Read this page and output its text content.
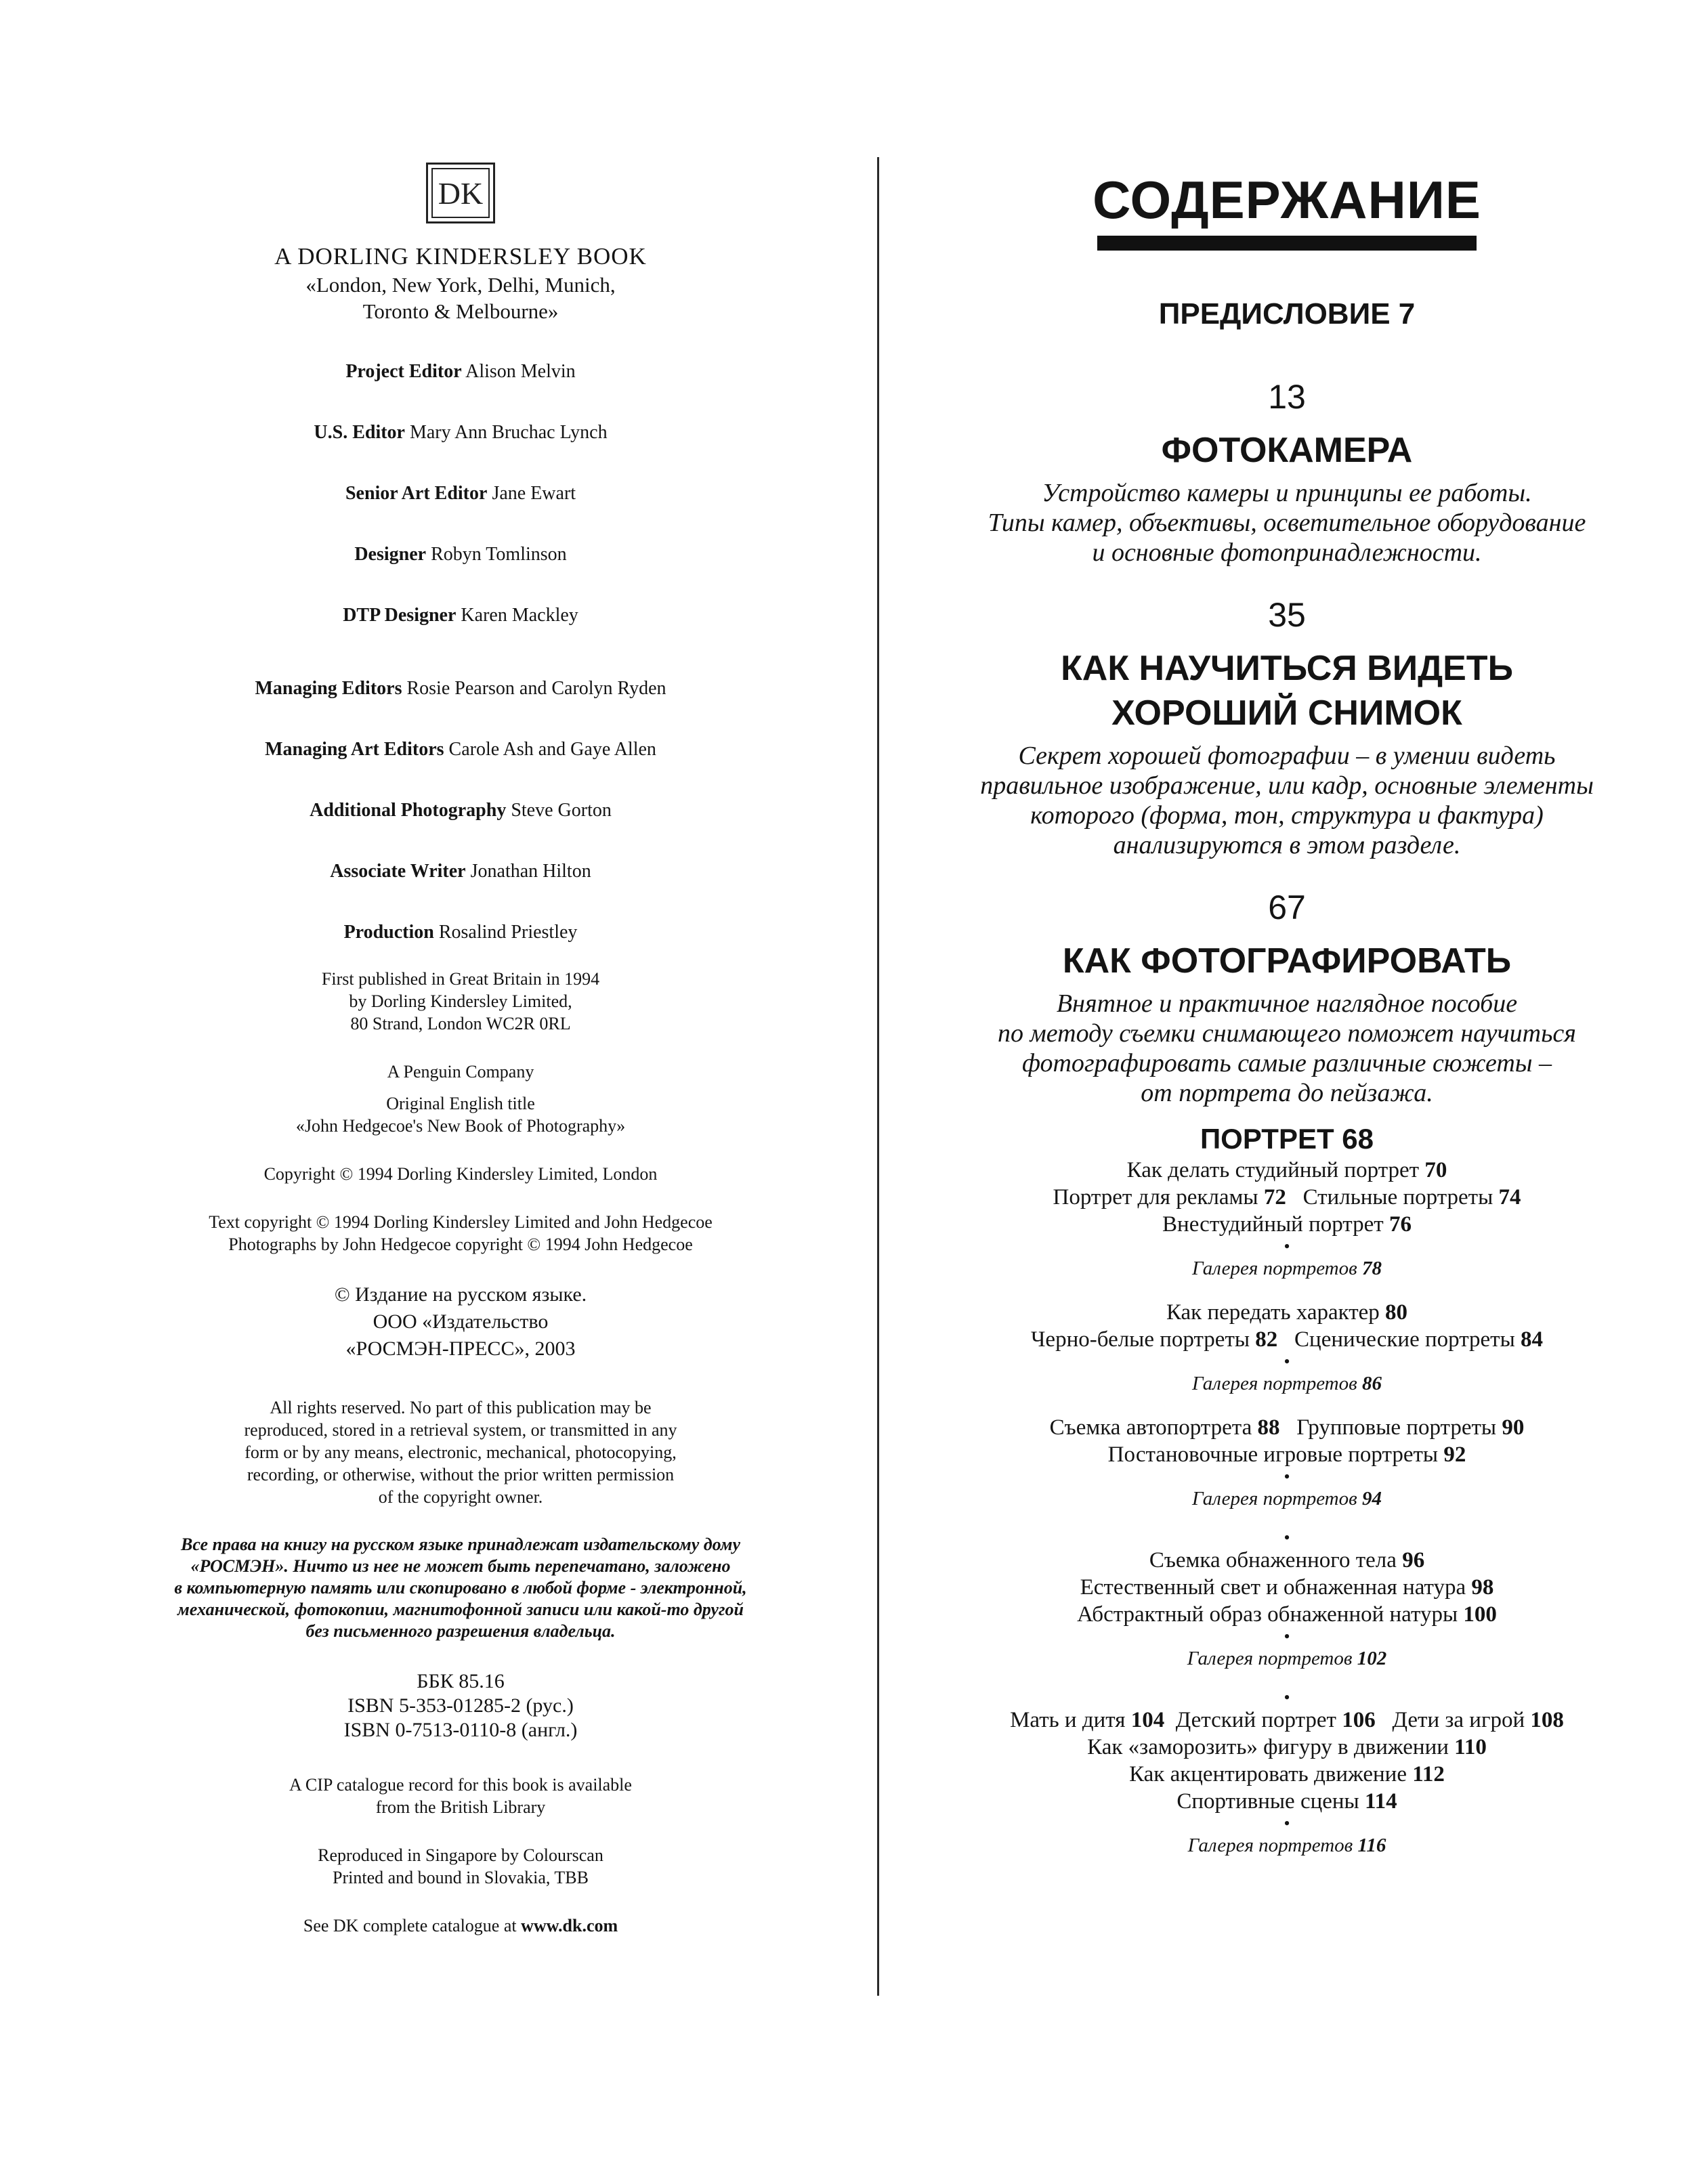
DK
A DORLING KINDERSLEY BOOK
«London, New York, Delhi, Munich,
Toronto & Melbourne»
Project Editor Alison Melvin
U.S. Editor Mary Ann Bruchac Lynch
Senior Art Editor Jane Ewart
Designer Robyn Tomlinson
DTP Designer Karen Mackley
Managing Editors Rosie Pearson and Carolyn Ryden
Managing Art Editors Carole Ash and Gaye Allen
Additional Photography Steve Gorton
Associate Writer Jonathan Hilton
Production Rosalind Priestley
First published in Great Britain in 1994
by Dorling Kindersley Limited,
80 Strand, London WC2R 0RL
A Penguin Company
Original English title
«John Hedgecoe's New Book of Photography»
Copyright © 1994 Dorling Kindersley Limited, London
Text copyright © 1994 Dorling Kindersley Limited and John Hedgecoe
Photographs by John Hedgecoe copyright © 1994 John Hedgecoe
© Издание на русском языке.
ООО «Издательство
«РОСМЭН-ПРЕСС», 2003
All rights reserved. No part of this publication may be
reproduced, stored in a retrieval system, or transmitted in any
form or by any means, electronic, mechanical, photocopying,
recording, or otherwise, without the prior written permission
of the copyright owner.
Все права на книгу на русском языке принадлежат издательскому дому
«РОСМЭН». Ничто из нее не может быть перепечатано, заложено
в компьютерную память или скопировано в любой форме - электронной,
механической, фотокопии, магнитофонной записи или какой-то другой
без письменного разрешения владельца.
ББК 85.16
ISBN 5-353-01285-2 (рус.)
ISBN 0-7513-0110-8 (англ.)
A CIP catalogue record for this book is available
from the British Library
Reproduced in Singapore by Colourscan
Printed and bound in Slovakia, TBB
See DK complete catalogue at www.dk.com
СОДЕРЖАНИЕ
ПРЕДИСЛОВИЕ 7
13
ФОТОКАМЕРА
Устройство камеры и принципы ее работы.
Типы камер, объективы, осветительное оборудование
и основные фотопринадлежности.
35
КАК НАУЧИТЬСЯ ВИДЕТЬ
ХОРОШИЙ СНИМОК
Секрет хорошей фотографии – в умении видеть
правильное изображение, или кадр, основные элементы
которого (форма, тон, структура и фактура)
анализируются в этом разделе.
67
КАК ФОТОГРАФИРОВАТЬ
Внятное и практичное наглядное пособие
по методу съемки снимающего поможет научиться
фотографировать самые различные сюжеты –
от портрета до пейзажа.
ПОРТРЕТ 68
Как делать студийный портрет 70
Портрет для рекламы 72 Стильные портреты 74
Внестудийный портрет 76
•
Галерея портретов 78
Как передать характер 80
Черно-белые портреты 82 Сценические портреты 84
•
Галерея портретов 86
Съемка автопортрета 88 Групповые портреты 90
Постановочные игровые портреты 92
•
Галерея портретов 94
•
Съемка обнаженного тела 96
Естественный свет и обнаженная натура 98
Абстрактный образ обнаженной натуры 100
•
Галерея портретов 102
•
Мать и дитя 104 Детский портрет 106 Дети за игрой 108
Как «заморозить» фигуру в движении 110
Как акцентировать движение 112
Спортивные сцены 114
•
Галерея портретов 116
